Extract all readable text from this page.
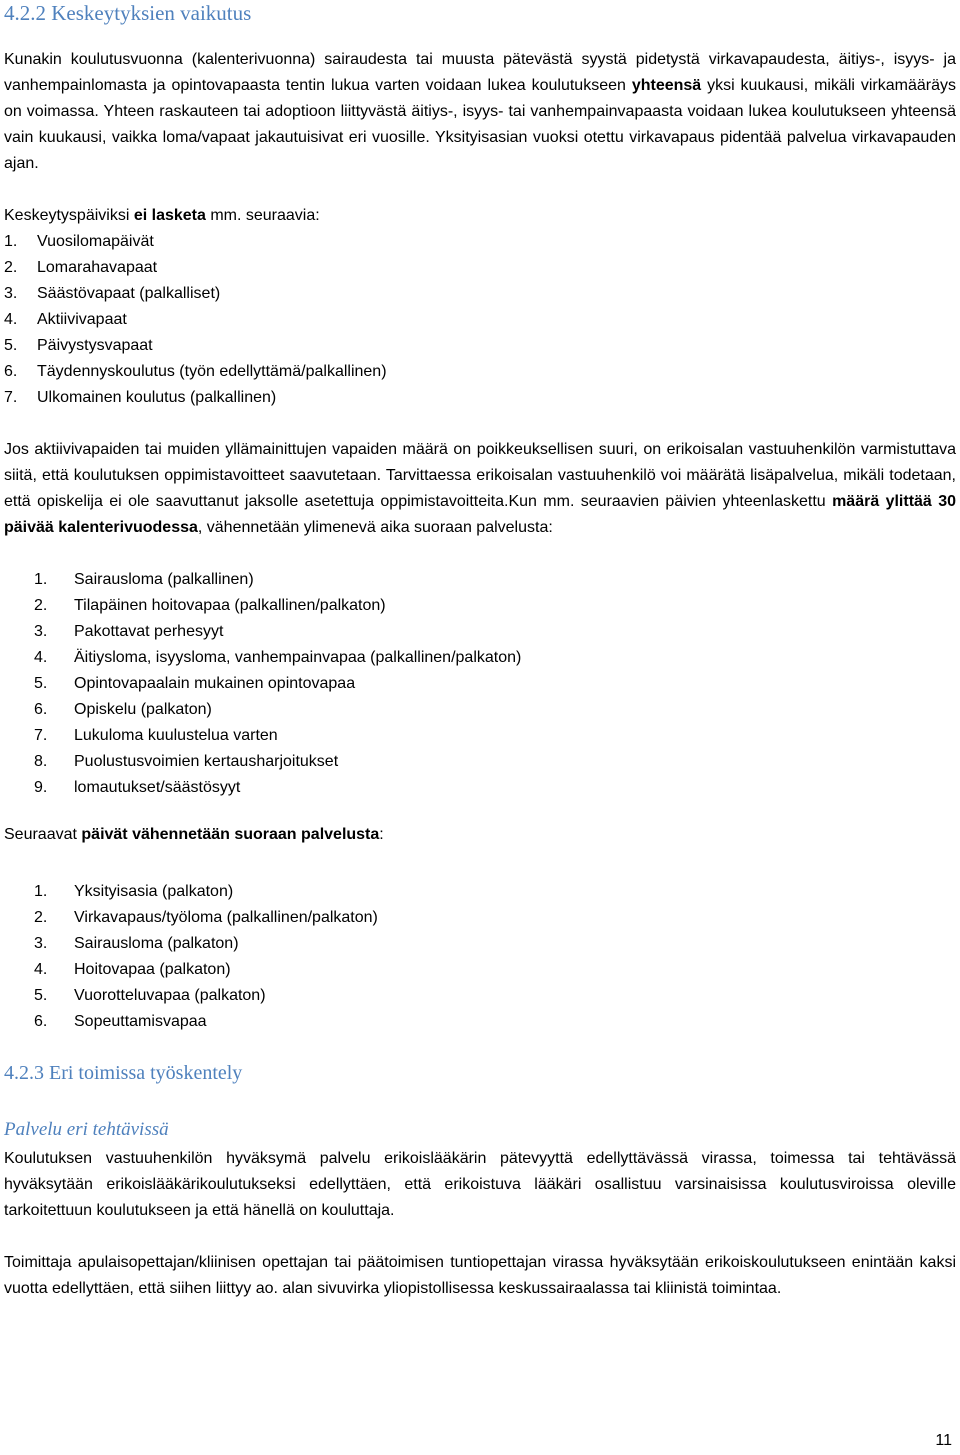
4.2.2 Keskeytyksien vaikutus

Kunakin koulutusvuonna (kalenterivuonna) sairaudesta tai muusta pätevästä syystä pidetystä virkavapaudesta, äitiys-, isyys- ja vanhempainlomasta ja opintovapaasta tentin lukua varten voidaan lukea koulutukseen yhteensä yksi kuukausi, mikäli virkamääräys on voimassa. Yhteen raskauteen tai adoptioon liittyvästä äitiys-, isyys- tai vanhempainvapaasta voidaan lukea koulutukseen yhteensä vain kuukausi, vaikka loma/vapaat jakautuisivat eri vuosille. Yksityisasian vuoksi otettu virkavapaus pidentää palvelua virkavapauden ajan.

Keskeytyspäiviksi ei lasketa mm. seuraavia:

1.	Vuosilomapäivät
2.	Lomarahavapaat
3.	Säästövapaat (palkalliset)
4.	Aktiivivapaat
5.	Päivystysvapaat
6.	Täydennyskoulutus (työn edellyttämä/palkallinen)
7.	Ulkomainen koulutus (palkallinen)

Jos aktiivivapaiden tai muiden yllämainittujen vapaiden määrä on poikkeuksellisen suuri, on erikoisalan vastuuhenkilön varmistuttava siitä, että koulutuksen oppimistavoitteet saavutetaan. Tarvittaessa erikoisalan vastuuhenkilö voi määrätä lisäpalvelua, mikäli todetaan, että opiskelija ei ole saavuttanut jaksolle asetettuja oppimistavoitteita.Kun mm. seuraavien päivien yhteenlaskettu määrä ylittää 30 päivää kalenterivuodessa, vähennetään ylimenevä aika suoraan palvelusta:

1.	Sairausloma (palkallinen)
2.	Tilapäinen hoitovapaa (palkallinen/palkaton)
3.	Pakottavat perhesyyt
4.	Äitiysloma, isyysloma, vanhempainvapaa (palkallinen/palkaton)
5.	Opintovapaalain mukainen opintovapaa
6.	Opiskelu (palkaton)
7.	Lukuloma kuulustelua varten
8.	Puolustusvoimien kertausharjoitukset
9.	lomautukset/säästösyyt

Seuraavat päivät vähennetään suoraan palvelusta:

1.	Yksityisasia (palkaton)
2.	Virkavapaus/työloma (palkallinen/palkaton)
3.	Sairausloma (palkaton)
4.	Hoitovapaa (palkaton)
5.	Vuorotteluvapaa (palkaton)
6.	Sopeuttamisvapaa
4.2.3 Eri toimissa työskentely
Palvelu eri tehtävissä

Koulutuksen vastuuhenkilön hyväksymä palvelu erikoislääkärin pätevyyttä edellyttävässä virassa, toimessa tai tehtävässä hyväksytään erikoislääkärikoulutukseksi edellyttäen, että erikoistuva lääkäri osallistuu varsinaisissa koulutusviroissa oleville tarkoitettuun koulutukseen ja että hänellä on kouluttaja.

Toimittaja apulaisopettajan/kliinisen opettajan tai päätoimisen tuntiopettajan virassa hyväksytään erikoiskoulutukseen enintään kaksi vuotta edellyttäen, että siihen liittyy ao. alan sivuvirka yliopistollisessa keskussairaalassa tai kliinistä toimintaa.

11
